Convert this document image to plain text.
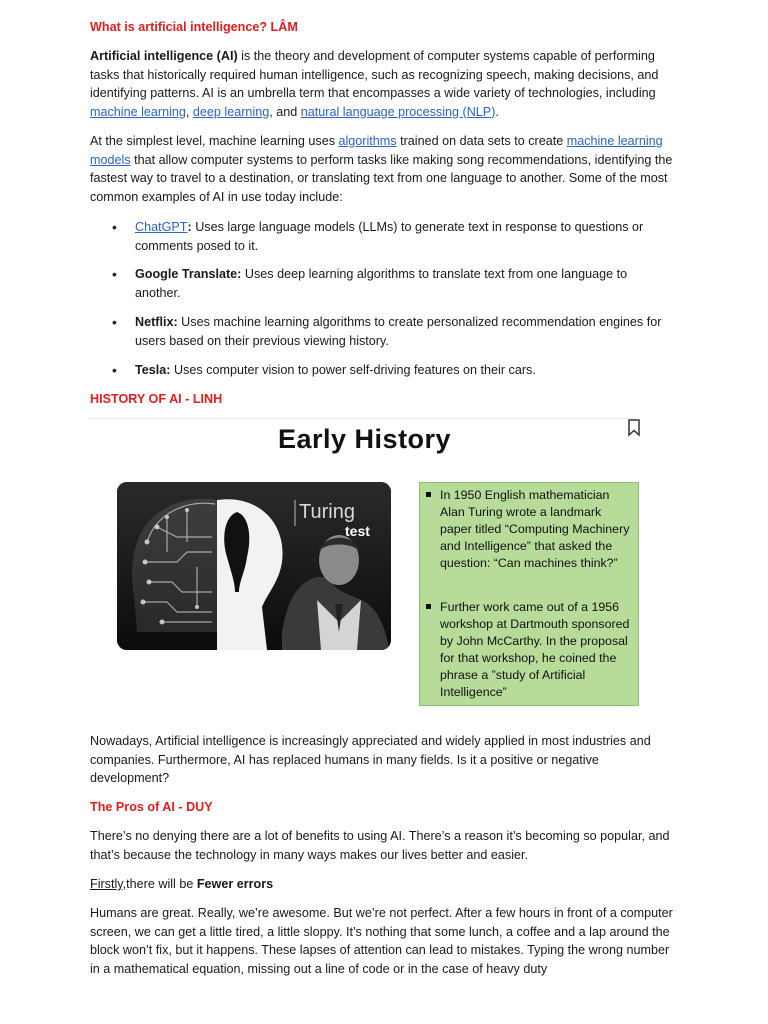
What is artificial intelligence? LÂM

Artificial intelligence (AI) is the theory and development of computer systems capable of performing tasks that historically required human intelligence, such as recognizing speech, making decisions, and identifying patterns. AI is an umbrella term that encompasses a wide variety of technologies, including machine learning, deep learning, and natural language processing (NLP).

At the simplest level, machine learning uses algorithms trained on data sets to create machine learning models that allow computer systems to perform tasks like making song recommendations, identifying the fastest way to travel to a destination, or translating text from one language to another. Some of the most common examples of AI in use today include:

• ChatGPT: Uses large language models (LLMs) to generate text in response to questions or comments posed to it.
• Google Translate: Uses deep learning algorithms to translate text from one language to another.
• Netflix: Uses machine learning algorithms to create personalized recommendation engines for users based on their previous viewing history.
• Tesla: Uses computer vision to power self-driving features on their cars.
HISTORY OF AI - LINH

Nowadays, Artificial intelligence is increasingly appreciated and widely applied in most industries and companies. Furthermore, AI has replaced humans in many fields. Is it a positive or negative development?

The Pros of AI - DUY

There’s no denying there are a lot of benefits to using AI. There’s a reason it’s becoming so popular, and that’s because the technology in many ways makes our lives better and easier.

Firstly,there will be Fewer errors

Humans are great. Really, we’re awesome. But we’re not perfect. After a few hours in front of a computer screen, we can get a little tired, a little sloppy. It’s nothing that some lunch, a coffee and a lap around the block won’t fix, but it happens. These lapses of attention can lead to mistakes. Typing the wrong number in a mathematical equation, missing out a line of code or in the case of heavy duty

Early History
Turing
test
In 1950 English mathematician Alan Turing wrote a landmark paper titled “Computing Machinery and Intelligence” that asked the question: “Can machines think?”
Further work came out of a 1956 workshop at Dartmouth sponsored by John McCarthy. In the proposal for that workshop, he coined the phrase a ”study of Artificial Intelligence”
